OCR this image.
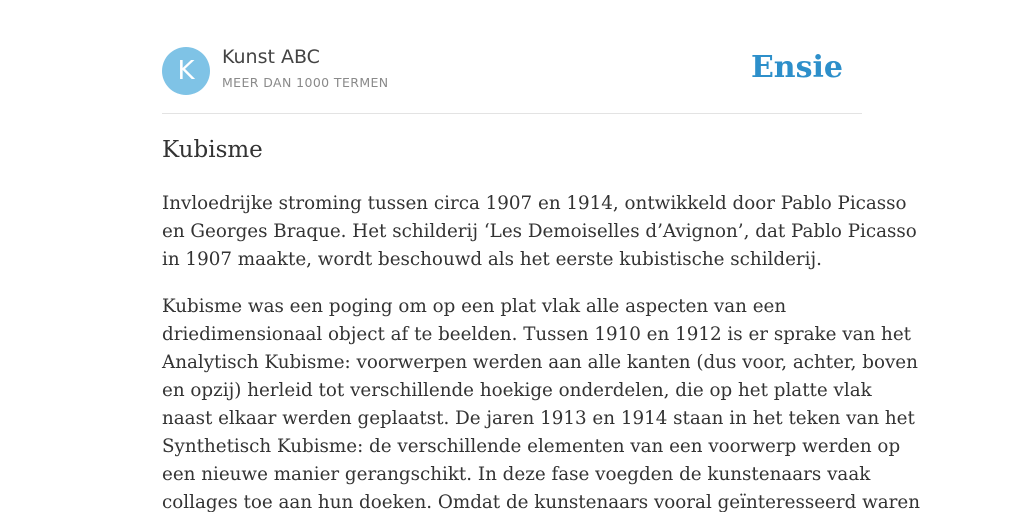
K	Kunst ABC
MEER DAN 1000 TERMEN	Ensie
Kubisme

Invloedrijke stroming tussen circa 1907 en 1914, ontwikkeld door Pablo Picasso
en Georges Braque. Het schilderij ‘Les Demoiselles d’Avignon’, dat Pablo Picasso
in 1907 maakte, wordt beschouwd als het eerste kubistische schilderij.

Kubisme was een poging om op een plat vlak alle aspecten van een
driedimensionaal object af te beelden. Tussen 1910 en 1912 is er sprake van het
Analytisch Kubisme: voorwerpen werden aan alle kanten (dus voor, achter, boven
en opzij) herleid tot verschillende hoekige onderdelen, die op het platte vlak
naast elkaar werden geplaatst. De jaren 1913 en 1914 staan in het teken van het
Synthetisch Kubisme: de verschillende elementen van een voorwerp werden op
een nieuwe manier gerangschikt. In deze fase voegden de kunstenaars vaak
collages toe aan hun doeken. Omdat de kunstenaars vooral geïnteresseerd waren
